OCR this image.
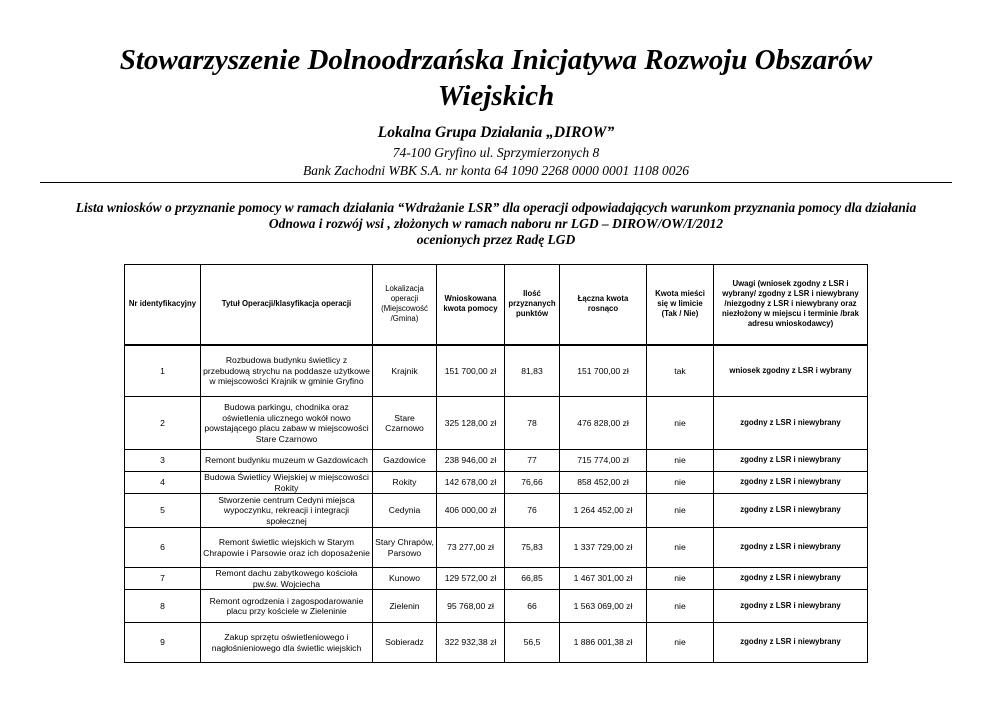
Stowarzyszenie Dolnoodrzańska Inicjatywa Rozwoju Obszarów Wiejskich
Lokalna Grupa Działania „DIROW”
74-100 Gryfino ul. Sprzymierzonych 8
Bank Zachodni WBK S.A. nr konta 64 1090 2268 0000 0001 1108 0026
Lista wniosków o przyznanie pomocy w ramach działania “Wdrażanie LSR” dla operacji odpowiadających warunkom przyznania pomocy dla działania
Odnowa i rozwój wsi , złożonych w ramach naboru nr LGD – DIROW/OW/I/2012
ocenionych przez Radę LGD
Nr identyfikacyjny	Tytuł Operacji/klasyfikacja operacji	Lokalizacja operacji (Miejscowość /Gmina)	Wnioskowana kwota pomocy	Ilość przyznanych punktów	Łączna kwota rosnąco	Kwota mieści się w limicie (Tak / Nie)	Uwagi (wniosek zgodny z LSR i wybrany/ zgodny z LSR i niewybrany /niezgodny z LSR i niewybrany oraz niezłożony w miejscu i terminie /brak adresu wnioskodawcy)
1	Rozbudowa budynku świetlicy z przebudową strychu na poddasze użytkowe w miejscowości Krajnik w gminie Gryfino	Krajnik	151 700,00 zł	81,83	151 700,00 zł	tak	wniosek zgodny z LSR i wybrany
2	Budowa parkingu, chodnika oraz oświetlenia ulicznego wokół nowo powstającego placu zabaw w miejscowości Stare Czarnowo	Stare Czarnowo	325 128,00 zł	78	476 828,00 zł	nie	zgodny z LSR i niewybrany
3	Remont budynku muzeum w Gazdowicach	Gazdowice	238 946,00 zł	77	715 774,00 zł	nie	zgodny z LSR i niewybrany
4	Budowa Świetlicy Wiejskiej w miejscowości Rokity	Rokity	142 678,00 zł	76,66	858 452,00 zł	nie	zgodny z LSR i niewybrany
5	Stworzenie centrum Cedyni miejsca wypoczynku, rekreacji i integracji społecznej	Cedynia	406 000,00 zł	76	1 264 452,00 zł	nie	zgodny z LSR i niewybrany
6	Remont świetlic wiejskich w Starym Chrapowie i Parsowie oraz ich doposażenie	Stary Chrapów, Parsowo	73 277,00 zł	75,83	1 337 729,00 zł	nie	zgodny z LSR i niewybrany
7	Remont dachu zabytkowego kościoła pw.św. Wojciecha	Kunowo	129 572,00 zł	66,85	1 467 301,00 zł	nie	zgodny z LSR i niewybrany
8	Remont ogrodzenia i zagospodarowanie placu przy kościele w Zieleninie	Zielenin	95 768,00 zł	66	1 563 069,00 zł	nie	zgodny z LSR i niewybrany
9	Zakup sprzętu oświetleniowego i nagłośnieniowego dla świetlic wiejskich	Sobieradz	322 932,38 zł	56,5	1 886 001,38 zł	nie	zgodny z LSR i niewybrany
